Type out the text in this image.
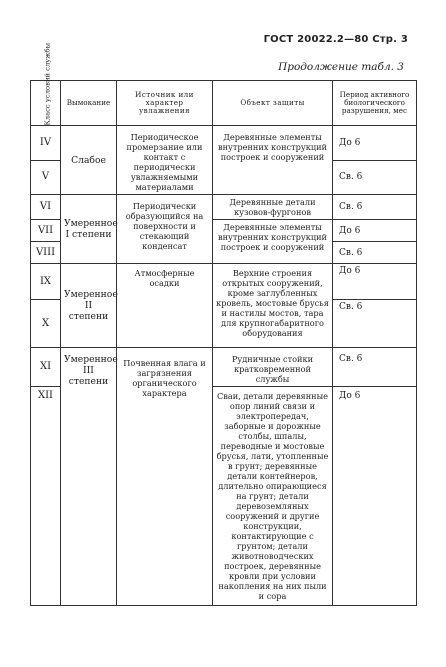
ГОСТ 20022.2—80 Стр. 3
Продолжение табл. 3
Класс условий службы	Вымокание	Источник или характер увлажнения	Объект защиты	Период активного биологического разрушения, мес
IV	Слабое	Периодическое промерзание или контакт с периодически увлажняемыми материалами	Деревянные элементы внутренних конструкций построек и сооружений	До 6
V				Св. 6
VI	Умеренное I степени	Периодически образующийся на поверхности и стекающий конденсат	Деревянные детали кузовов-фургонов	Св. 6
VII			Деревянные элементы внутренних конструкций построек и сооружений	До 6
VIII				Св. 6
IX	Умеренное II степени	Атмосферные осадки	Верхние строения открытых сооружений, кроме заглубленных кровель, мостовые брусья и настилы мостов, тара для крупногабаритного оборудования	До 6
X				Св. 6
XI	Умеренное III степени	Почвенная влага и загрязнения органического характера	Рудничные стойки кратковременной службы	Св. 6
XII			Сваи, детали деревянные опор линий связи и электропередач, заборные и дорожные столбы, шпалы, переводные и мостовые брусья, лати, утопленные в грунт; деревянные детали контейнеров, длительно опирающиеся на грунт; детали деревоземляных сооружений и другие конструкции, контактирующие с грунтом; детали животноводческих построек, деревянные кровли при условии накопления на них пыли и сора	До 6
